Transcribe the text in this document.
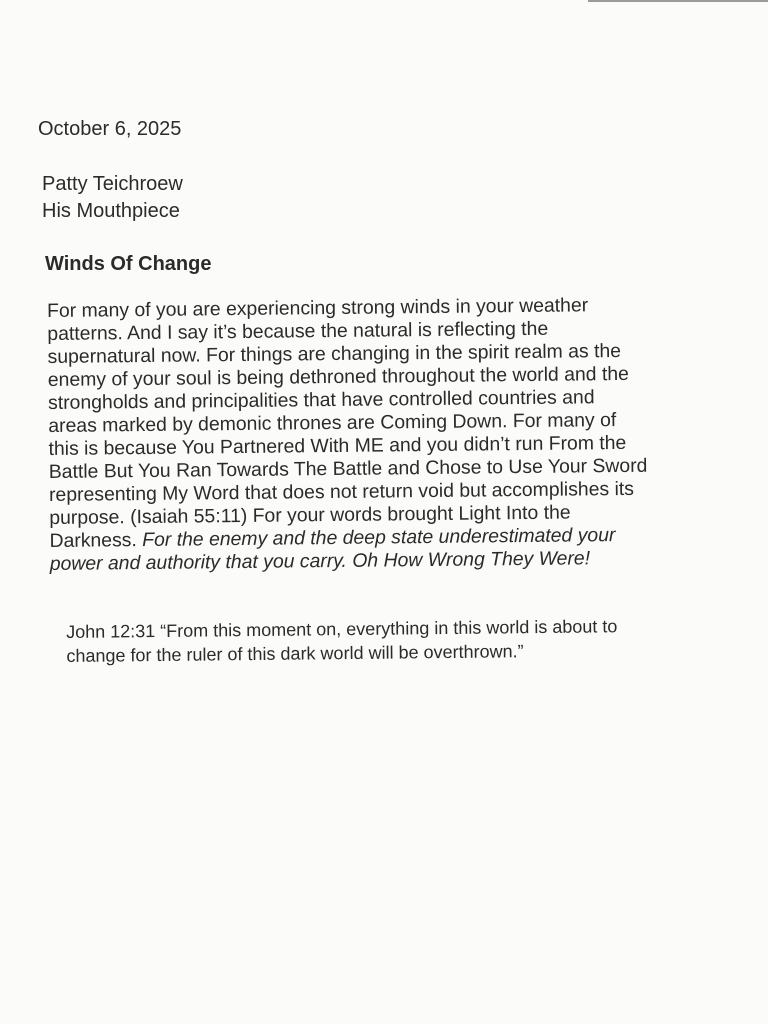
October 6, 2025
Patty Teichroew
His Mouthpiece
Winds Of Change
For many of you are experiencing strong winds in your weather
patterns. And I say it’s because the natural is reflecting the
supernatural now. For things are changing in the spirit realm as the
enemy of your soul is being dethroned throughout the world and the
strongholds and principalities that have controlled countries and
areas marked by demonic thrones are Coming Down. For many of
this is because You Partnered With ME and you didn’t run From the
Battle But You Ran Towards The Battle and Chose to Use Your Sword
representing My Word that does not return void but accomplishes its
purpose. (Isaiah 55:11) For your words brought Light Into the
Darkness. For the enemy and the deep state underestimated your
power and authority that you carry. Oh How Wrong They Were!
John 12:31 “From this moment on, everything in this world is about to
change for the ruler of this dark world will be overthrown.”
